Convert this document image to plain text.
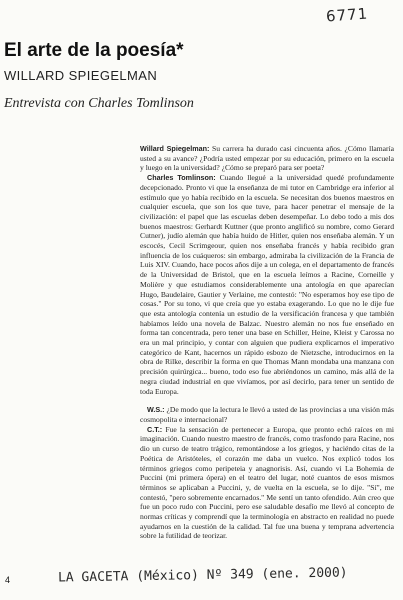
6771
El arte de la poesía*
WILLARD SPIEGELMAN
Entrevista con Charles Tomlinson

Willard Spiegelman: Su carrera ha durado casi cincuenta años. ¿Cómo llamaría usted a su avance? ¿Podría usted empezar por su educación, primero en la escuela y luego en la universidad? ¿Cómo se preparó para ser poeta?

Charles Tomlinson: Cuando llegué a la universidad quedé profundamente decepcionado. Pronto vi que la enseñanza de mi tutor en Cambridge era inferior al estímulo que yo había recibido en la escuela. Se necesitan dos buenos maestros en cualquier escuela, que son los que tuve, para hacer penetrar el mensaje de la civilización: el papel que las escuelas deben desempeñar. Lo debo todo a mis dos buenos maestros: Gerhardt Kuttner (que pronto anglificó su nombre, como Gerard Cutner), judío alemán que había huido de Hitler, quien nos enseñaba alemán. Y un escocés, Cecil Scrimgeour, quien nos enseñaba francés y había recibido gran influencia de los cuáqueros: sin embargo, admiraba la civilización de la Francia de Luis XIV. Cuando, hace pocos años dije a un colega, en el departamento de francés de la Universidad de Bristol, que en la escuela leímos a Racine, Corneille y Molière y que estudiamos considerablemente una antología en que aparecían Hugo, Baudelaire, Gautier y Verlaine, me contestó: "No esperamos hoy ese tipo de cosas." Por su tono, vi que creía que yo estaba exagerando. Lo que no le dije fue que esta antología contenía un estudio de la versificación francesa y que también habíamos leído una novela de Balzac. Nuestro alemán no nos fue enseñado en forma tan concentrada, pero tener una base en Schiller, Heine, Kleist y Carossa no era un mal principio, y contar con alguien que pudiera explicarnos el imperativo categórico de Kant, hacernos un rápido esbozo de Nietzsche, introducirnos en la obra de Rilke, describir la forma en que Thomas Mann mondaba una manzana con precisión quirúrgica... bueno, todo eso fue abriéndonos un camino, más allá de la negra ciudad industrial en que vivíamos, por así decirlo, para tener un sentido de toda Europa.

W.S.: ¿De modo que la lectura le llevó a usted de las provincias a una visión más cosmopolita e internacional?

C.T.: Fue la sensación de pertenecer a Europa, que pronto echó raíces en mi imaginación. Cuando nuestro maestro de francés, como trasfondo para Racine, nos dio un curso de teatro trágico, remontándose a los griegos, y haciéndo citas de la Poética de Aristóteles, el corazón me daba un vuelco. Nos explicó todos los términos griegos como peripeteia y anagnorisis. Así, cuando vi La Bohemia de Puccini (mi primera ópera) en el teatro del lugar, noté cuantos de esos mismos términos se aplicaban a Puccini, y, de vuelta en la escuela, se lo dije. "Sí", me contestó, "pero sobremente encarnados." Me sentí un tanto ofendido. Aún creo que fue un poco rudo con Puccini, pero ese saludable desafío me llevó al concepto de normas críticas y comprendí que la terminología en abstracto en realidad no puede ayudarnos en la cuestión de la calidad. Tal fue una buena y temprana advertencia sobre la futilidad de teorizar.

4	LA GACETA (México) Nº 349 (ene. 2000)
